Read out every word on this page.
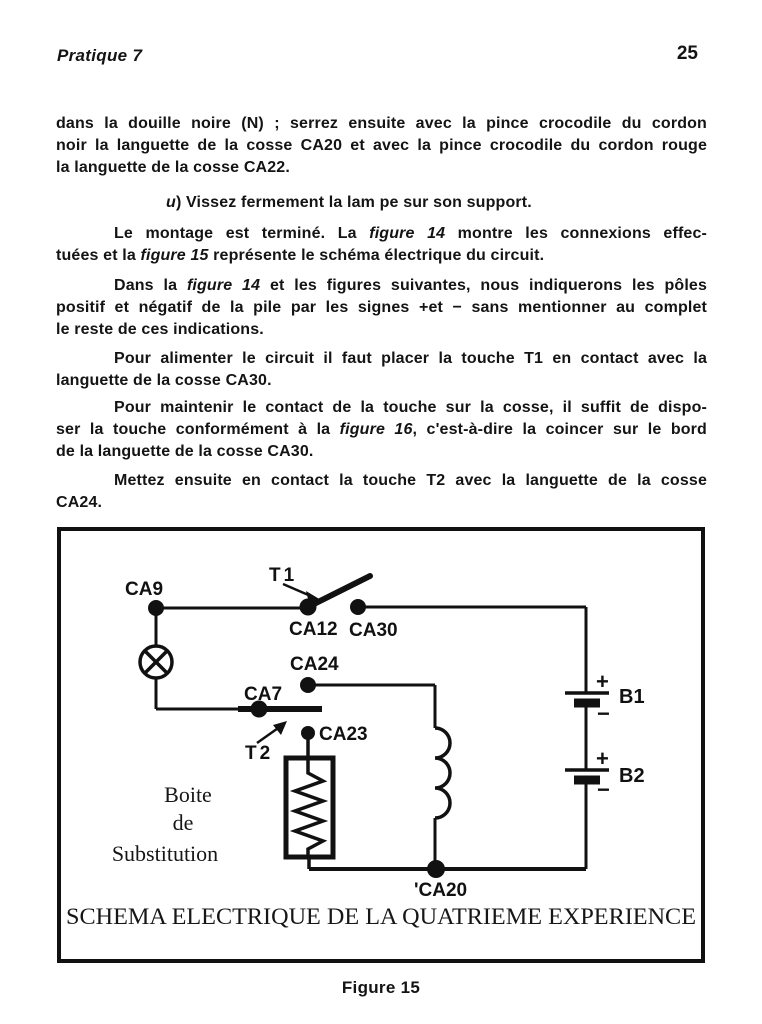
Pratique 7	25
dans la douille noire (N) ; serrez ensuite avec la pince crocodile du cordon
noir la languette de la cosse CA20 et avec la pince crocodile du cordon rouge
la languette de la cosse CA22.
u) Vissez fermement la lam pe sur son support.
Le montage est terminé. La figure 14 montre les connexions effec-
tuées et la figure 15 représente le schéma électrique du circuit.
Dans la figure 14 et les figures suivantes, nous indiquerons les pôles
positif et négatif de la pile par les signes +et − sans mentionner au complet
le reste de ces indications.
Pour alimenter le circuit il faut placer la touche T1 en contact avec la
languette de la cosse CA30.
Pour maintenir le contact de la touche sur la cosse, il suffit de dispo-
ser la touche conformément à la figure 16, c'est-à-dire la coincer sur le bord
de la languette de la cosse CA30.
Mettez ensuite en contact la touche T2 avec la languette de la cosse
CA24.
CA9
T1
CA12 CA30
CA24
CA7
T2
CA23
'CA20
+
−
B1
+
−
B2
Boite
de
Substitution
SCHEMA ELECTRIQUE DE LA QUATRIEME EXPERIENCE
Figure 15
